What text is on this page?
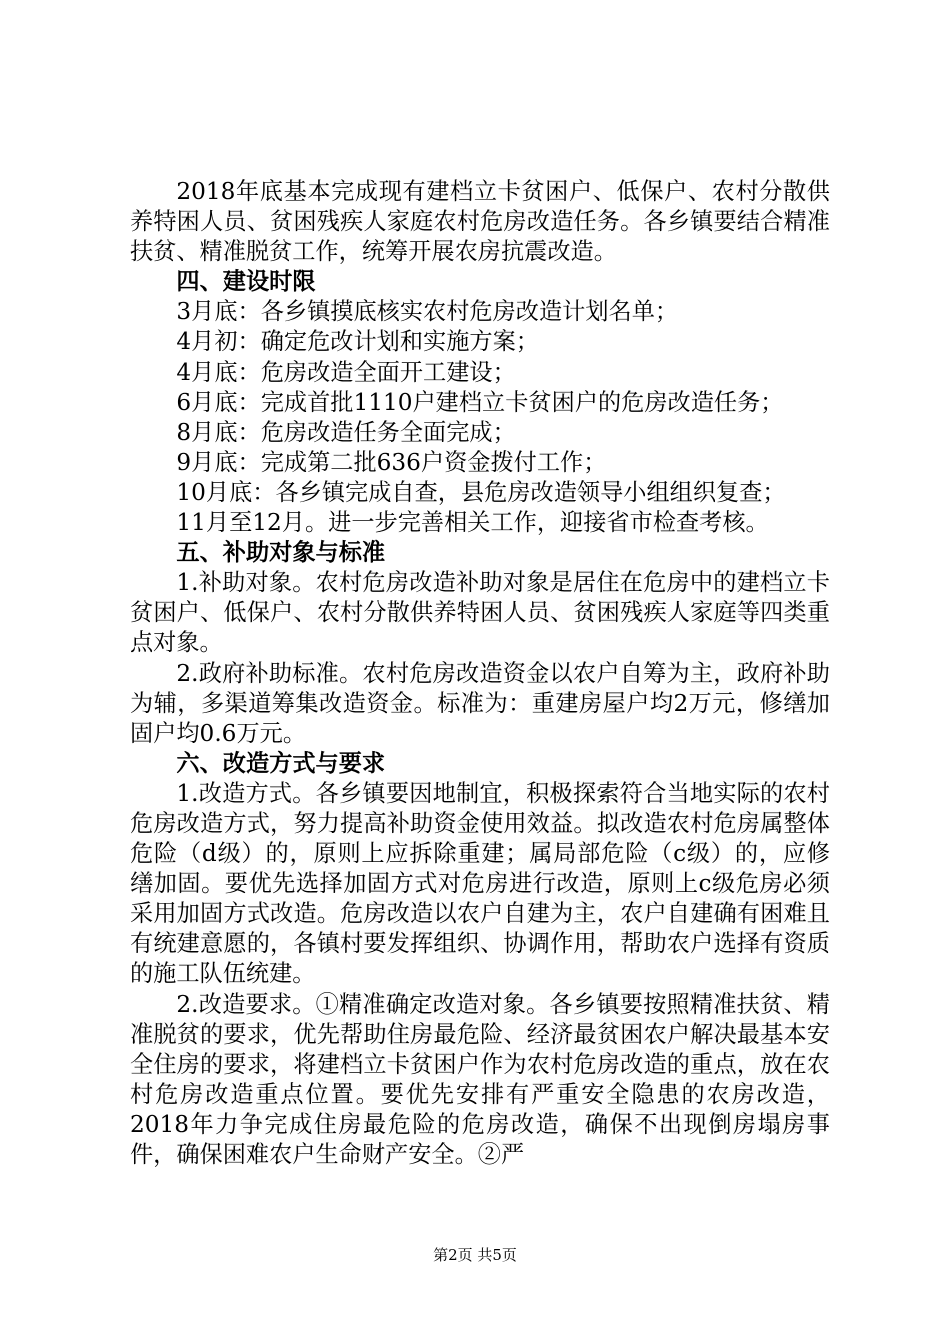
2018年底基本完成现有建档立卡贫困户、低保户、农村分散供养特困人员、贫困残疾人家庭农村危房改造任务。各乡镇要结合精准扶贫、精准脱贫工作，统筹开展农房抗震改造。

四、建设时限

3月底：各乡镇摸底核实农村危房改造计划名单；

4月初：确定危改计划和实施方案；

4月底：危房改造全面开工建设；

6月底：完成首批1110户建档立卡贫困户的危房改造任务；

8月底：危房改造任务全面完成；

9月底：完成第二批636户资金拨付工作；

10月底：各乡镇完成自查，县危房改造领导小组组织复查；

11月至12月。进一步完善相关工作，迎接省市检查考核。

五、补助对象与标准

1.补助对象。农村危房改造补助对象是居住在危房中的建档立卡贫困户、低保户、农村分散供养特困人员、贫困残疾人家庭等四类重点对象。

2.政府补助标准。农村危房改造资金以农户自筹为主，政府补助为辅，多渠道筹集改造资金。标准为：重建房屋户均2万元，修缮加固户均0.6万元。

六、改造方式与要求

1.改造方式。各乡镇要因地制宜，积极探索符合当地实际的农村危房改造方式，努力提高补助资金使用效益。拟改造农村危房属整体危险（d级）的，原则上应拆除重建；属局部危险（c级）的，应修缮加固。要优先选择加固方式对危房进行改造，原则上c级危房必须采用加固方式改造。危房改造以农户自建为主，农户自建确有困难且有统建意愿的，各镇村要发挥组织、协调作用，帮助农户选择有资质的施工队伍统建。

2.改造要求。①精准确定改造对象。各乡镇要按照精准扶贫、精准脱贫的要求，优先帮助住房最危险、经济最贫困农户解决最基本安全住房的要求，将建档立卡贫困户作为农村危房改造的重点，放在农村危房改造重点位置。要优先安排有严重安全隐患的农房改造，2018年力争完成住房最危险的危房改造，确保不出现倒房塌房事件，确保困难农户生命财产安全。②严

第2页 共5页
